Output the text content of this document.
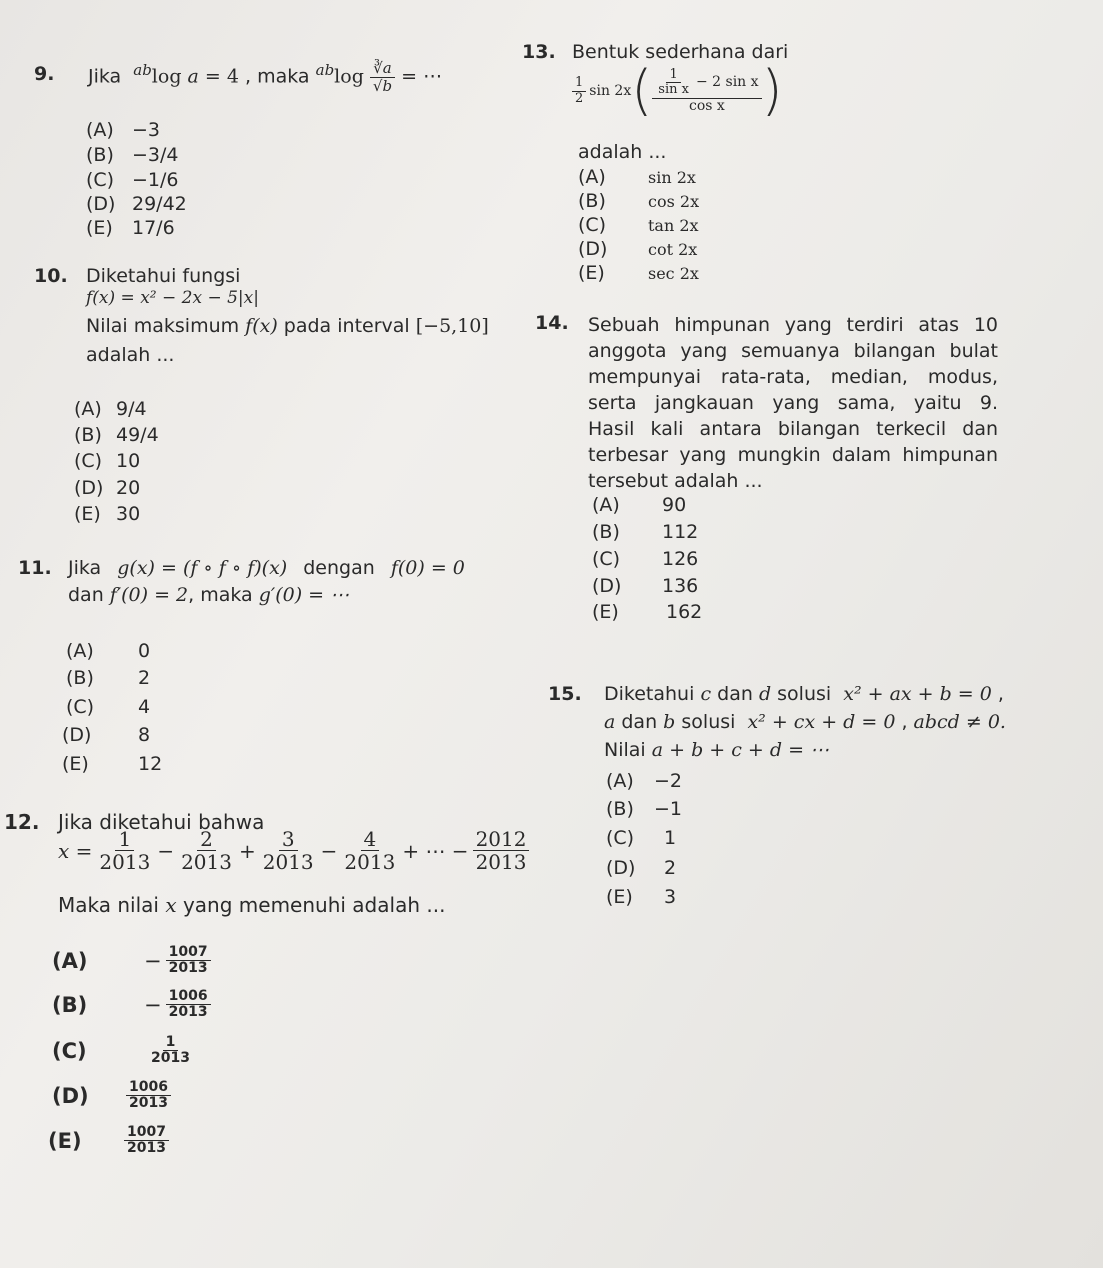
9. Jika $^{ab}$log a = 4 , maka $^{ab}\log \frac{∛a}{√b}$ = ⋯
(A) −3
(B) −3/4
(C) −1/6
(D) 29/42
(E) 17/6
10. Diketahui fungsi
f(x) = x² − 2x − 5|x|
Nilai maksimum f(x) pada interval [−5,10]
adalah ...
(A) 9/4
(B) 49/4
(C) 10
(D) 20
(E) 30
11. Jika g(x) = (f ∘ f ∘ f)(x) dengan f(0) = 0
dan f′(0) = 2, maka g′(0) = ⋯
(A) 0
(B) 2
(C) 4
(D) 8
(E)	12
12. Jika diketahui bahwa
$x = \frac{1}{2013} - \frac{2}{2013} + \frac{3}{2013} - \frac{4}{2013}$ + ⋯ − $\frac{2012}{2013}$
Maka nilai x yang memenuhi adalah ...
(A)	− $\frac{1007}{2013}$
(B)	− $\frac{1006}{2013}$
(C)	$\frac{1}{2013}$
(D)	$\frac{1006}{2013}$
(E)	$\frac{1007}{2013}$
13. Bentuk sederhana dari
$\frac{1}{2}$ sin 2x ( $\frac{\frac{1}{\text{sin x}} - 2 \sin x}{\text{cos x}}$ )
adalah ...
(A)	sin 2x
(B)	cos 2x
(C)	tan 2x
(D)	cot 2x
(E)	sec 2x
14. Sebuah himpunan yang terdiri atas 10
anggota yang semuanya bilangan bulat
mempunyai rata-rata, median, modus,
serta jangkauan yang sama, yaitu 9.
Hasil kali antara bilangan terkecil dan
terbesar yang mungkin dalam himpunan
tersebut adalah ...
(A) 90
(B) 112
(C) 126
(D) 136
(E) 162
15. Diketahui c dan d solusi x² + ax + b = 0 ,
a dan b solusi x² + cx + d = 0 , abcd ≠ 0.
Nilai a + b + c + d = ⋯
(A) −2
(B) −1
(C) 1
(D) 2
(E) 3
